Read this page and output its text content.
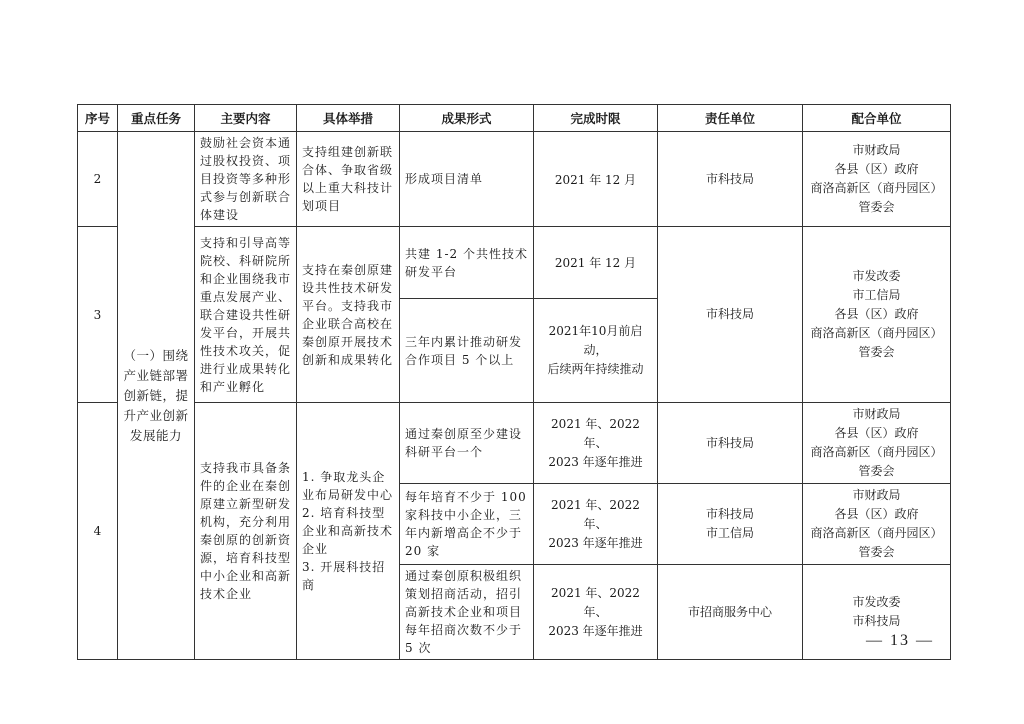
序号	重点任务	主要内容	具体举措	成果形式	完成时限	责任单位	配合单位
2	（一）围绕
产业链部署
创新链，提
升产业创新
发展能力	鼓励社会资本通过股权投资、项目投资等多种形式参与创新联合体建设	支持组建创新联合体、争取省级以上重大科技计划项目	形成项目清单	2021 年 12 月	市科技局	市财政局
各县（区）政府
商洛高新区（商丹园区）
管委会
3		支持和引导高等院校、科研院所和企业围绕我市重点发展产业、联合建设共性研发平台，开展共性技术攻关，促进行业成果转化和产业孵化	支持在秦创原建设共性技术研发平台。支持我市企业联合高校在秦创原开展技术创新和成果转化	共建 1-2 个共性技术研发平台	2021 年 12 月	市科技局	市发改委
市工信局
各县（区）政府
商洛高新区（商丹园区）
管委会
				三年内累计推动研发合作项目 5 个以上	2021年10月前启动，
后续两年持续推动		
4		支持我市具备条件的企业在秦创原建立新型研发机构，充分利用秦创原的创新资源，培育科技型中小企业和高新技术企业	1. 争取龙头企业布局研发中心
2. 培育科技型企业和高新技术企业
3. 开展科技招商	通过秦创原至少建设科研平台一个	2021 年、2022 年、
2023 年逐年推进	市科技局	市财政局
各县（区）政府
商洛高新区（商丹园区）
管委会
				每年培育不少于 100 家科技中小企业，三年内新增高企不少于 20 家	2021 年、2022 年、
2023 年逐年推进	市科技局
市工信局	市财政局
各县（区）政府
商洛高新区（商丹园区）
管委会
				通过秦创原积极组织策划招商活动，招引高新技术企业和项目每年招商次数不少于 5 次	2021 年、2022 年、
2023 年逐年推进	市招商服务中心	市发改委
市科技局
— 13 —
